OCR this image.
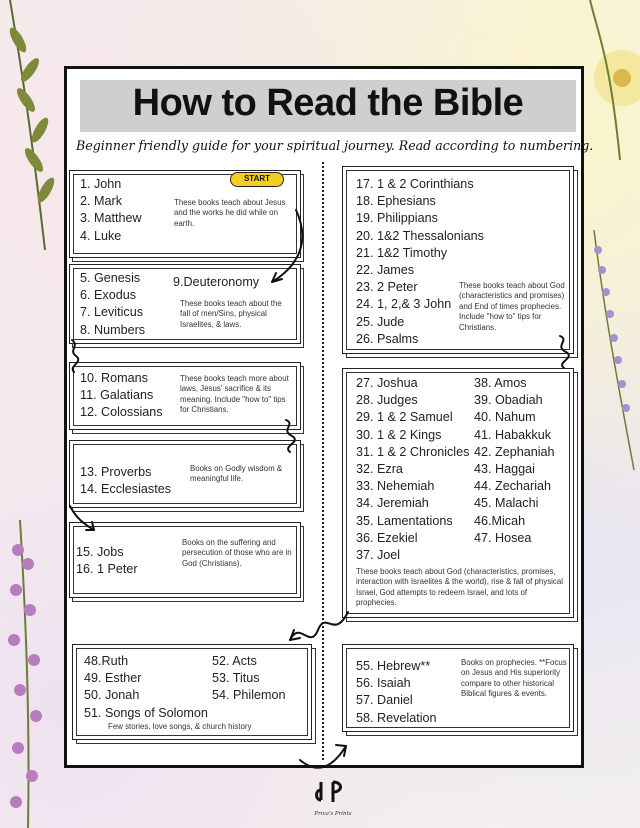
How to Read the Bible
Beginner friendly guide for your spiritual journey. Read according to numbering.
1. John
2. Mark
3. Matthew
4. Luke
These books teach about Jesus and the works he did while on earth.
START
5. Genesis
6. Exodus
7. Leviticus
8. Numbers
9.Deuteronomy
These books teach about the fall of men/Sins, physical Israelites, & laws.
10. Romans
11. Galatians
12. Colossians
These books teach more about laws, Jesus' sacrifice & its meaning. Include "how to" tips for Christians.
13. Proverbs
14. Ecclesiastes
Books on Godly wisdom & meaningful life.
15. Jobs
16. 1 Peter
Books on the suffering and persecution of those who are in God (Christians).
17. 1 & 2 Corinthians
18. Ephesians
19. Philippians
20. 1&2 Thessalonians
21. 1&2 Timothy
22. James
23. 2 Peter
24. 1, 2,& 3 John
25. Jude
26. Psalms
These books teach about God (characteristics and promises) and End of times prophecies. Include "how to" tips for Christians.
27. Joshua
28. Judges
29. 1 & 2 Samuel
30. 1 & 2 Kings
31. 1 & 2 Chronicles
32. Ezra
33. Nehemiah
34. Jeremiah
35. Lamentations
36. Ezekiel
37. Joel
38. Amos
39. Obadiah
40. Nahum
41. Habakkuk
42. Zephaniah
43. Haggai
44. Zechariah
45. Malachi
46.Micah
47. Hosea
These books teach about God (characteristics, promises, interaction with Israelites & the world), rise & fall of physical Israel, God attempts to redeem Israel, and lots of prophecies.
48.Ruth
49. Esther
50. Jonah
52. Acts
53. Titus
54. Philemon
51. Songs of Solomon
Few stories, love songs, & church history
55. Hebrew**
56. Isaiah
57. Daniel
58. Revelation
Books on prophecies. **Focus on Jesus and His superiority compare to other historical Biblical figures & events.
Priva's Prints
